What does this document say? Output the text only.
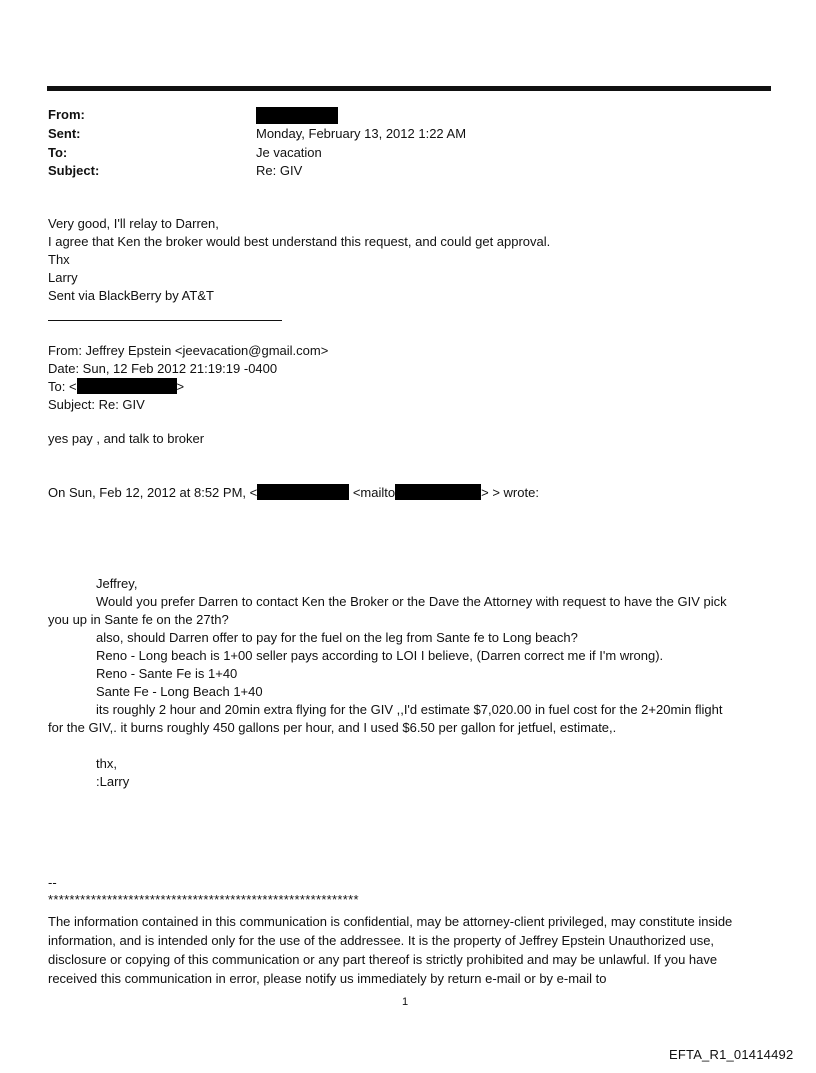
From:
Sent:	Monday, February 13, 2012 1:22 AM
To:	Je vacation
Subject:	Re: GIV
Very good, I'll relay to Darren,
I agree that Ken the broker would best understand this request, and could get approval.
Thx
Larry
Sent via BlackBerry by AT&T
From: Jeffrey Epstein <jeevacation@gmail.com>
Date: Sun, 12 Feb 2012 21:19:19 -0400
To: <	>
Subject: Re: GIV
yes pay , and talk to broker
On Sun, Feb 12, 2012 at 8:52 PM, <	<mailto	> > wrote:
Jeffrey,
Would you prefer Darren to contact Ken the Broker or the Dave the Attorney with request to have the GIV pick
you up in Sante fe on the 27th?
also, should Darren offer to pay for the fuel on the leg from Sante fe to Long beach?
Reno - Long beach is 1+00 seller pays according to LOI I believe, (Darren correct me if I'm wrong).
Reno - Sante Fe is 1+40
Sante Fe - Long Beach 1+40
its roughly 2 hour and 20min extra flying for the GIV ,,I'd estimate $7,020.00 in fuel cost for the 2+20min flight
for the GIV,. it burns roughly 450 gallons per hour, and I used $6.50 per gallon for jetfuel, estimate,.
thx,
:Larry
--
**********************************************************
The information contained in this communication is confidential, may be attorney-client privileged, may constitute inside information, and is intended only for the use of the addressee. It is the property of Jeffrey Epstein Unauthorized use, disclosure or copying of this communication or any part thereof is strictly prohibited and may be unlawful. If you have received this communication in error, please notify us immediately by return e-mail or by e-mail to
1
EFTA_R1_01414492
